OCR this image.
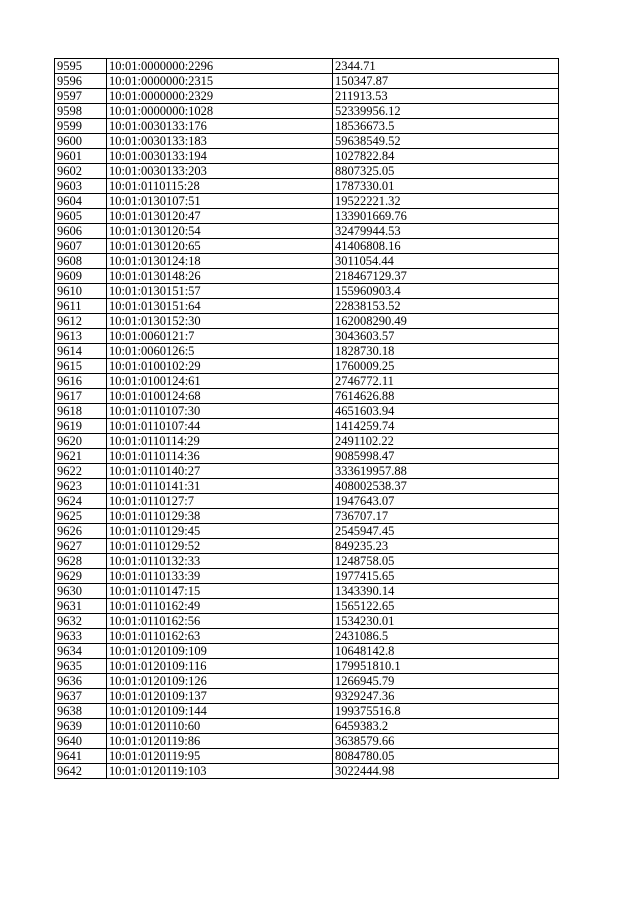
9595	10:01:0000000:2296	2344.71
9596	10:01:0000000:2315	150347.87
9597	10:01:0000000:2329	211913.53
9598	10:01:0000000:1028	52339956.12
9599	10:01:0030133:176	18536673.5
9600	10:01:0030133:183	59638549.52
9601	10:01:0030133:194	1027822.84
9602	10:01:0030133:203	8807325.05
9603	10:01:0110115:28	1787330.01
9604	10:01:0130107:51	19522221.32
9605	10:01:0130120:47	133901669.76
9606	10:01:0130120:54	32479944.53
9607	10:01:0130120:65	41406808.16
9608	10:01:0130124:18	3011054.44
9609	10:01:0130148:26	218467129.37
9610	10:01:0130151:57	155960903.4
9611	10:01:0130151:64	22838153.52
9612	10:01:0130152:30	162008290.49
9613	10:01:0060121:7	3043603.57
9614	10:01:0060126:5	1828730.18
9615	10:01:0100102:29	1760009.25
9616	10:01:0100124:61	2746772.11
9617	10:01:0100124:68	7614626.88
9618	10:01:0110107:30	4651603.94
9619	10:01:0110107:44	1414259.74
9620	10:01:0110114:29	2491102.22
9621	10:01:0110114:36	9085998.47
9622	10:01:0110140:27	333619957.88
9623	10:01:0110141:31	408002538.37
9624	10:01:0110127:7	1947643.07
9625	10:01:0110129:38	736707.17
9626	10:01:0110129:45	2545947.45
9627	10:01:0110129:52	849235.23
9628	10:01:0110132:33	1248758.05
9629	10:01:0110133:39	1977415.65
9630	10:01:0110147:15	1343390.14
9631	10:01:0110162:49	1565122.65
9632	10:01:0110162:56	1534230.01
9633	10:01:0110162:63	2431086.5
9634	10:01:0120109:109	10648142.8
9635	10:01:0120109:116	179951810.1
9636	10:01:0120109:126	1266945.79
9637	10:01:0120109:137	9329247.36
9638	10:01:0120109:144	199375516.8
9639	10:01:0120110:60	6459383.2
9640	10:01:0120119:86	3638579.66
9641	10:01:0120119:95	8084780.05
9642	10:01:0120119:103	3022444.98
